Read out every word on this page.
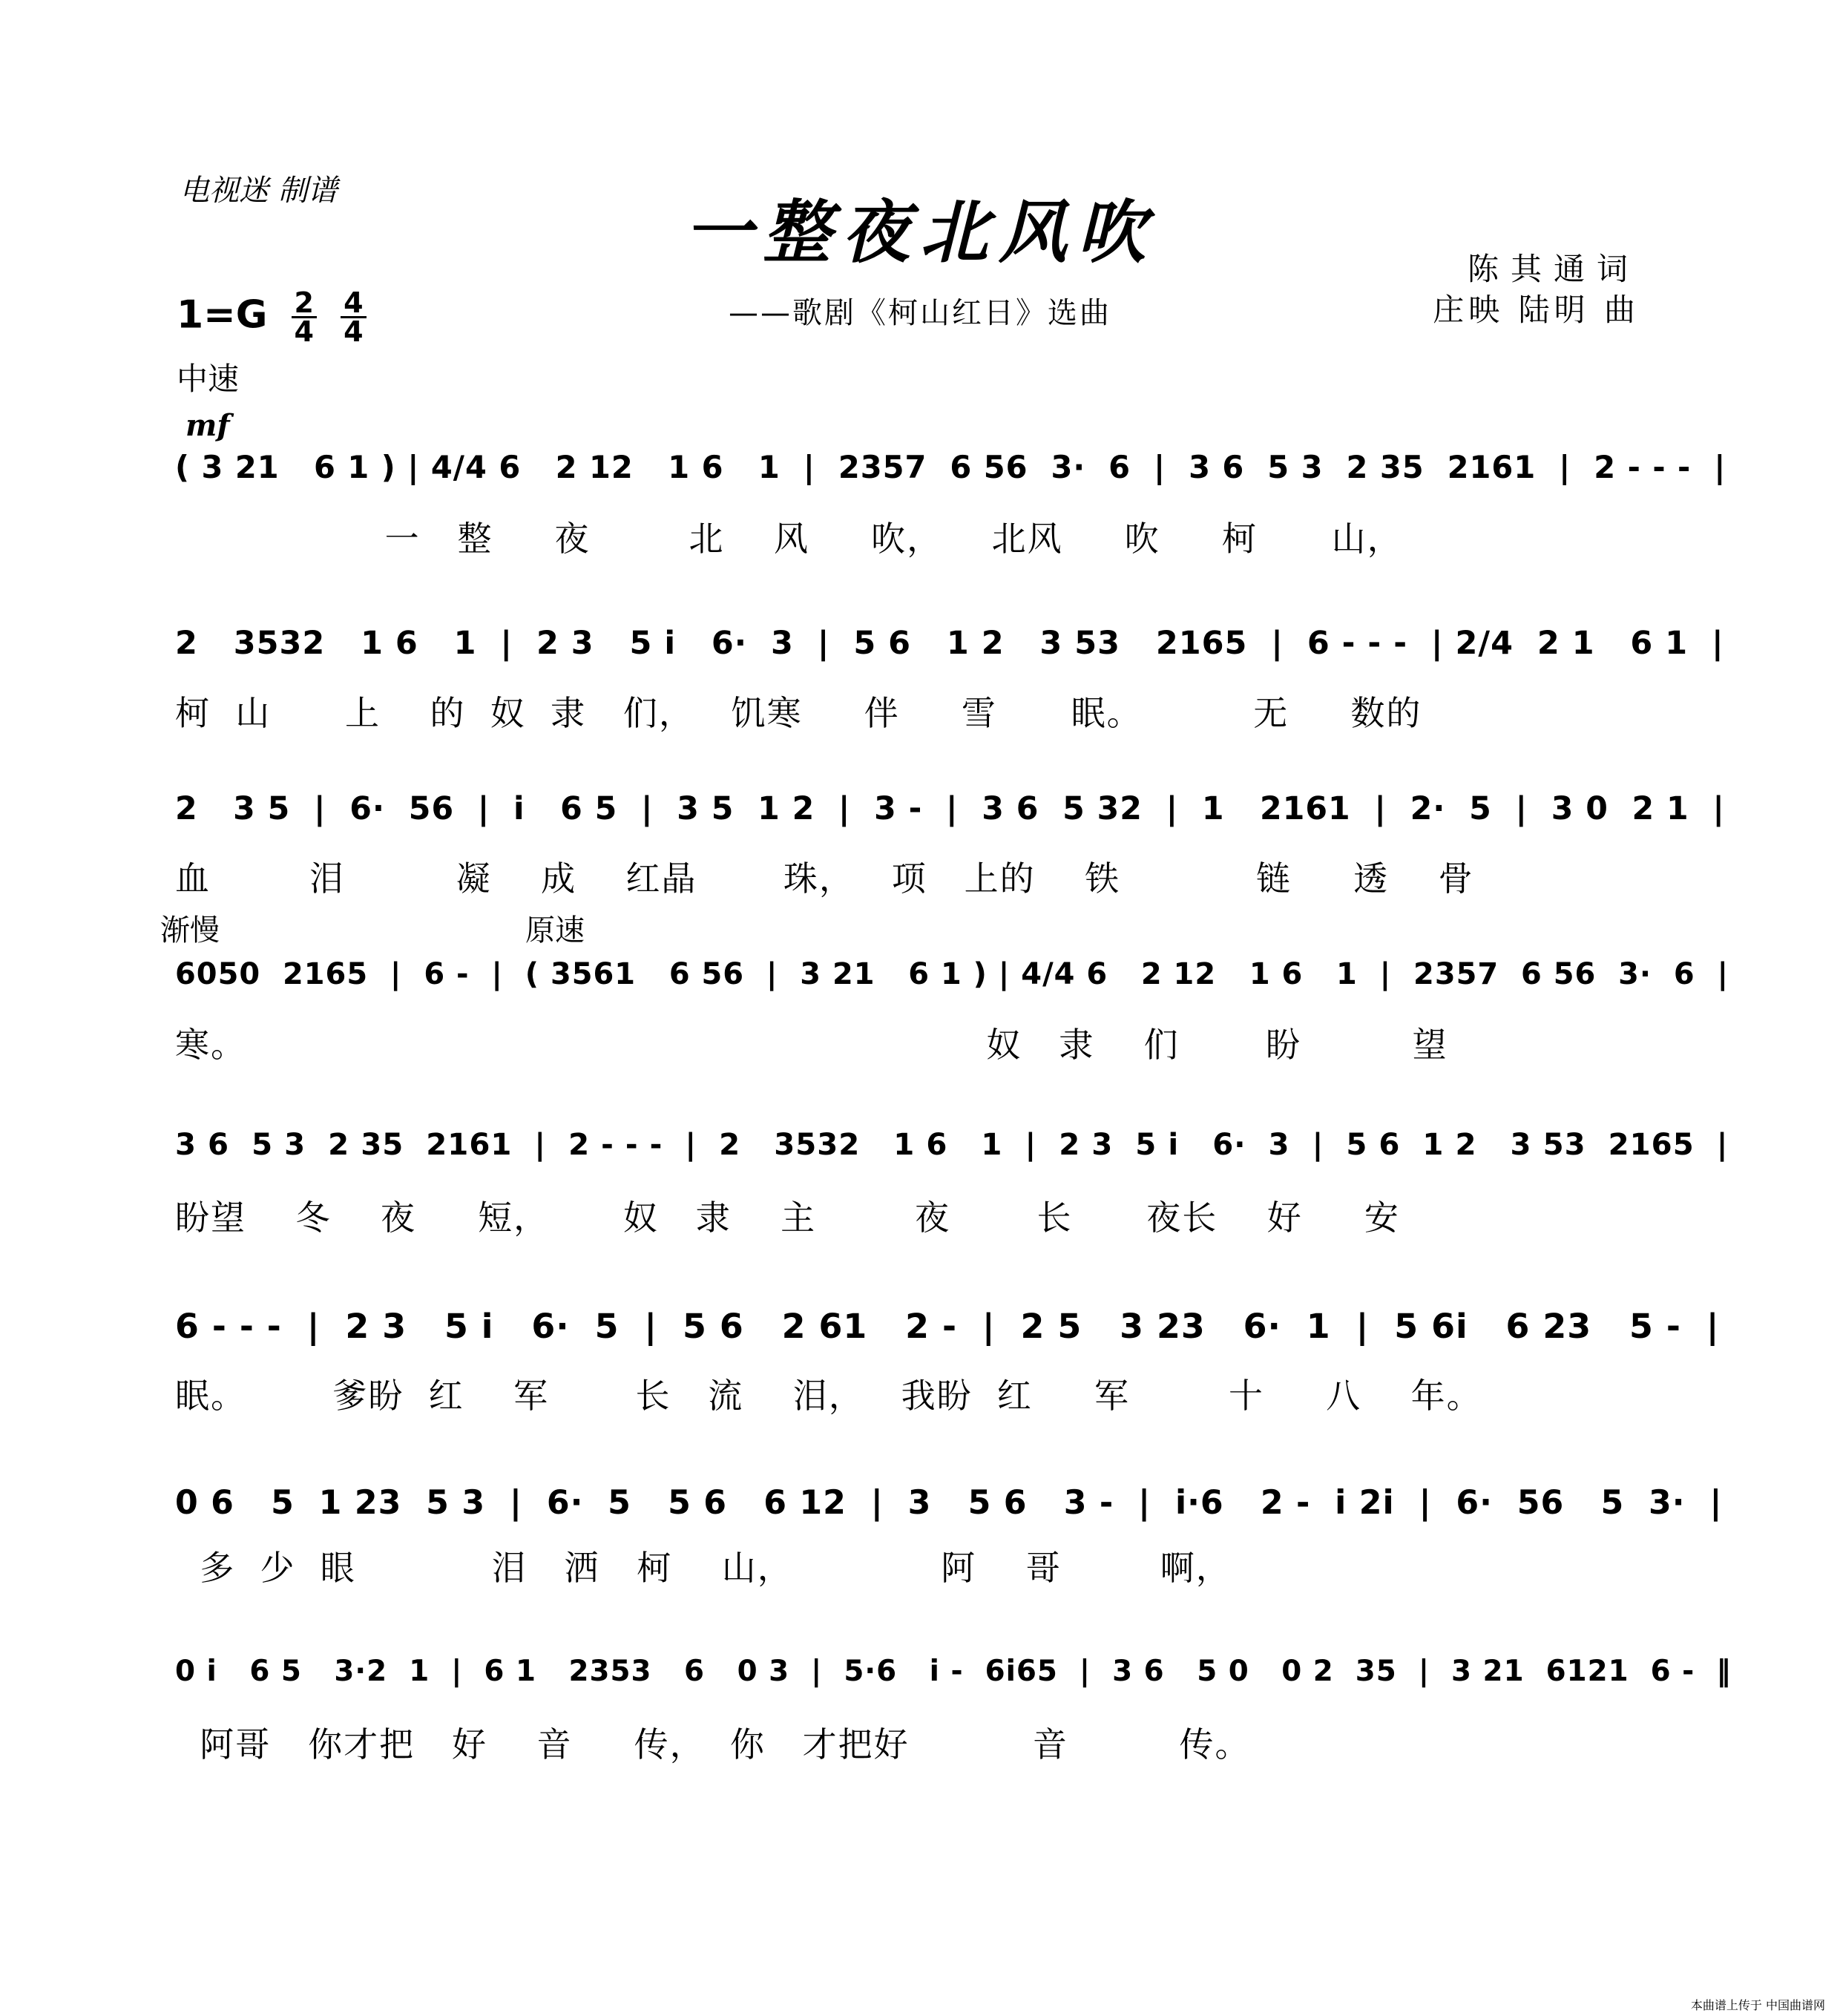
电视迷 制谱
一整夜北风吹
——歌剧《柯山红日》选曲
陈其通词
庄映 陆明 曲
$1=G \frac{2}{4} \frac{4}{4}$
中速
mf
( 3 21   6 1 ) | 4/4 6   2 12   1 6   1  |  2357  6 56  3·  6  |  3 6  5 3  2 35  2161  |  2 - - -  |
一   整     夜        北    风     吹，    北风     吹     柯      山，
2   3532   1 6   1  |  2 3   5 i   6·  3  |  5 6   1 2   3 53   2165  |  6 - - -  | 2/4  2 1   6 1  |
柯  山      上    的  奴  隶   们，   饥寒     伴     雪      眠。         无     数的
2   3 5  |  6·  56  |  i   6 5  |  3 5  1 2  |  3 -  |  3 6  5 32  |  1   2161  |  2·  5  |  3 0  2 1  |
血        泪         凝    成    红晶       珠，   项   上的    铁           链     透    骨
渐慢	原速
6050  2165  |  6 -  |  ( 3561   6 56  |  3 21   6 1 ) | 4/4 6   2 12   1 6   1  |  2357  6 56  3·  6  |
寒。                                                            奴   隶    们       盼         望
3 6  5 3  2 35  2161  |  2 - - -  |  2   3532   1 6   1  |  2 3  5 i   6·  3  |  5 6  1 2   3 53  2165  |
盼望    冬    夜     短，      奴   隶    主        夜       长      夜长    好     安
6 - - -  |  2 3   5 i   6·  5  |  5 6   2 61   2 -  |  2 5   3 23   6·  1  |  5 6i   6 23   5 -  |
眠。       爹盼  红    军       长   流    泪，   我盼  红     军        十     八    年。
0 6   5  1 23  5 3  |  6·  5   5 6   6 12  |  3   5 6   3 -  |  i·6   2 -  i 2i  |  6·  56   5  3·  |
多  少  眼           泪   洒   柯    山，            阿    哥        啊，
0 i   6 5   3·2  1  |  6 1   2353   6   0 3  |  5·6   i -  6i65  |  3 6   5 0   0 2  35  |  3 21  6121  6 -  ‖
阿哥   你才把   好    音     传，  你   才把好          音         传。
本曲谱上传于 中国曲谱网
